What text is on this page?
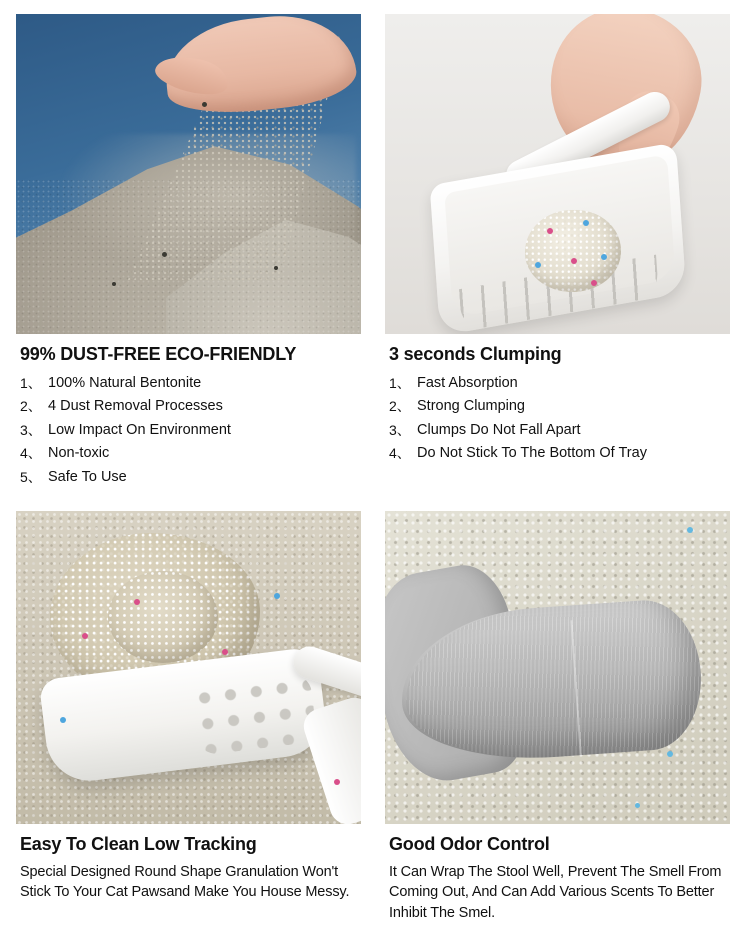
99% DUST-FREE ECO-FRIENDLY
1、 100% Natural Bentonite
2、 4 Dust Removal Processes
3、 Low Impact On Environment
4、 Non-toxic
5、 Safe To Use
3 seconds Clumping
1、 Fast Absorption
2、 Strong Clumping
3、 Clumps Do Not Fall Apart
4、 Do Not Stick To The Bottom Of Tray
Easy To Clean Low Tracking

Special Designed Round Shape Granulation Won't Stick To Your Cat Pawsand Make You House Messy.

Good Odor Control

It Can Wrap The Stool Well, Prevent The Smell From Coming Out, And Can Add Various Scents To Better Inhibit The Smel.
